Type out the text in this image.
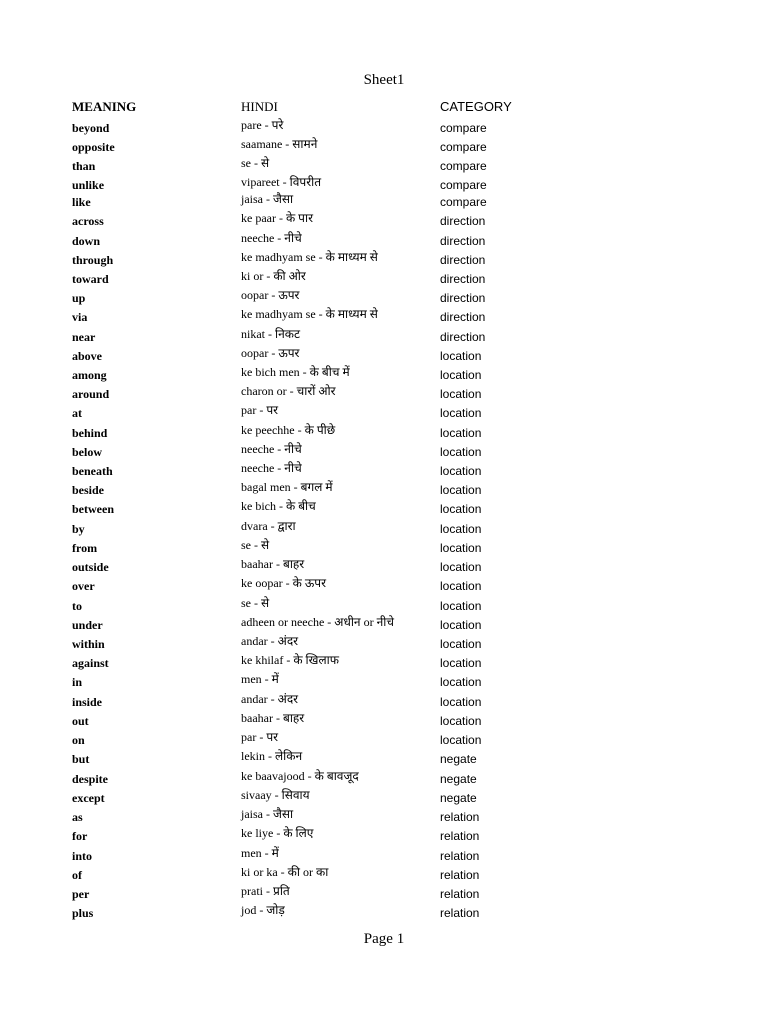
Sheet1
MEANING	HINDI	CATEGORY
beyond	pare - परे	compare
opposite	saamane - सामने	compare
than	se - से	compare
unlike	vipareet - विपरीत	compare
like	jaisa - जैसा	compare
across	ke paar - के पार	direction
down	neeche - नीचे	direction
through	ke madhyam se - के माध्यम से	direction
toward	ki or - की ओर	direction
up	oopar - ऊपर	direction
via	ke madhyam se - के माध्यम से	direction
near	nikat - निकट	direction
above	oopar - ऊपर	location
among	ke bich men - के बीच में	location
around	charon or - चारों ओर	location
at	par - पर	location
behind	ke peechhe - के पीछे	location
below	neeche - नीचे	location
beneath	neeche - नीचे	location
beside	bagal men - बगल में	location
between	ke bich - के बीच	location
by	dvara - द्वारा	location
from	se - से	location
outside	baahar - बाहर	location
over	ke oopar - के ऊपर	location
to	se - से	location
under	adheen or neeche - अधीन or नीचे	location
within	andar - अंदर	location
against	ke khilaf - के खिलाफ	location
in	men - में	location
inside	andar - अंदर	location
out	baahar - बाहर	location
on	par - पर	location
but	lekin - लेकिन	negate
despite	ke baavajood - के बावजूद	negate
except	sivaay - सिवाय	negate
as	jaisa - जैसा	relation
for	ke liye - के लिए	relation
into	men - में	relation
of	ki or ka - की or का	relation
per	prati - प्रति	relation
plus	jod - जोड़	relation
Page 1
